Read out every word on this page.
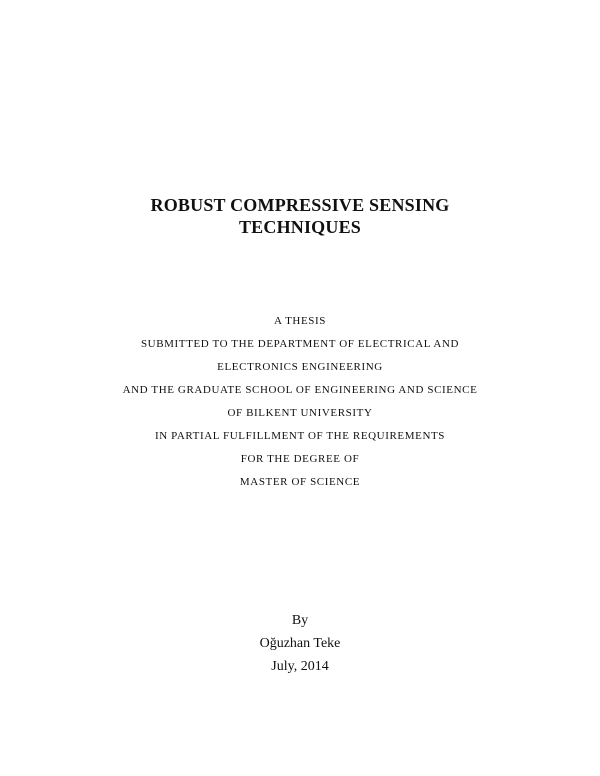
ROBUST COMPRESSIVE SENSING
TECHNIQUES
A THESIS
SUBMITTED TO THE DEPARTMENT OF ELECTRICAL AND
ELECTRONICS ENGINEERING
AND THE GRADUATE SCHOOL OF ENGINEERING AND SCIENCE
OF BILKENT UNIVERSITY
IN PARTIAL FULFILLMENT OF THE REQUIREMENTS
FOR THE DEGREE OF
MASTER OF SCIENCE
By
Oğuzhan Teke
July, 2014
